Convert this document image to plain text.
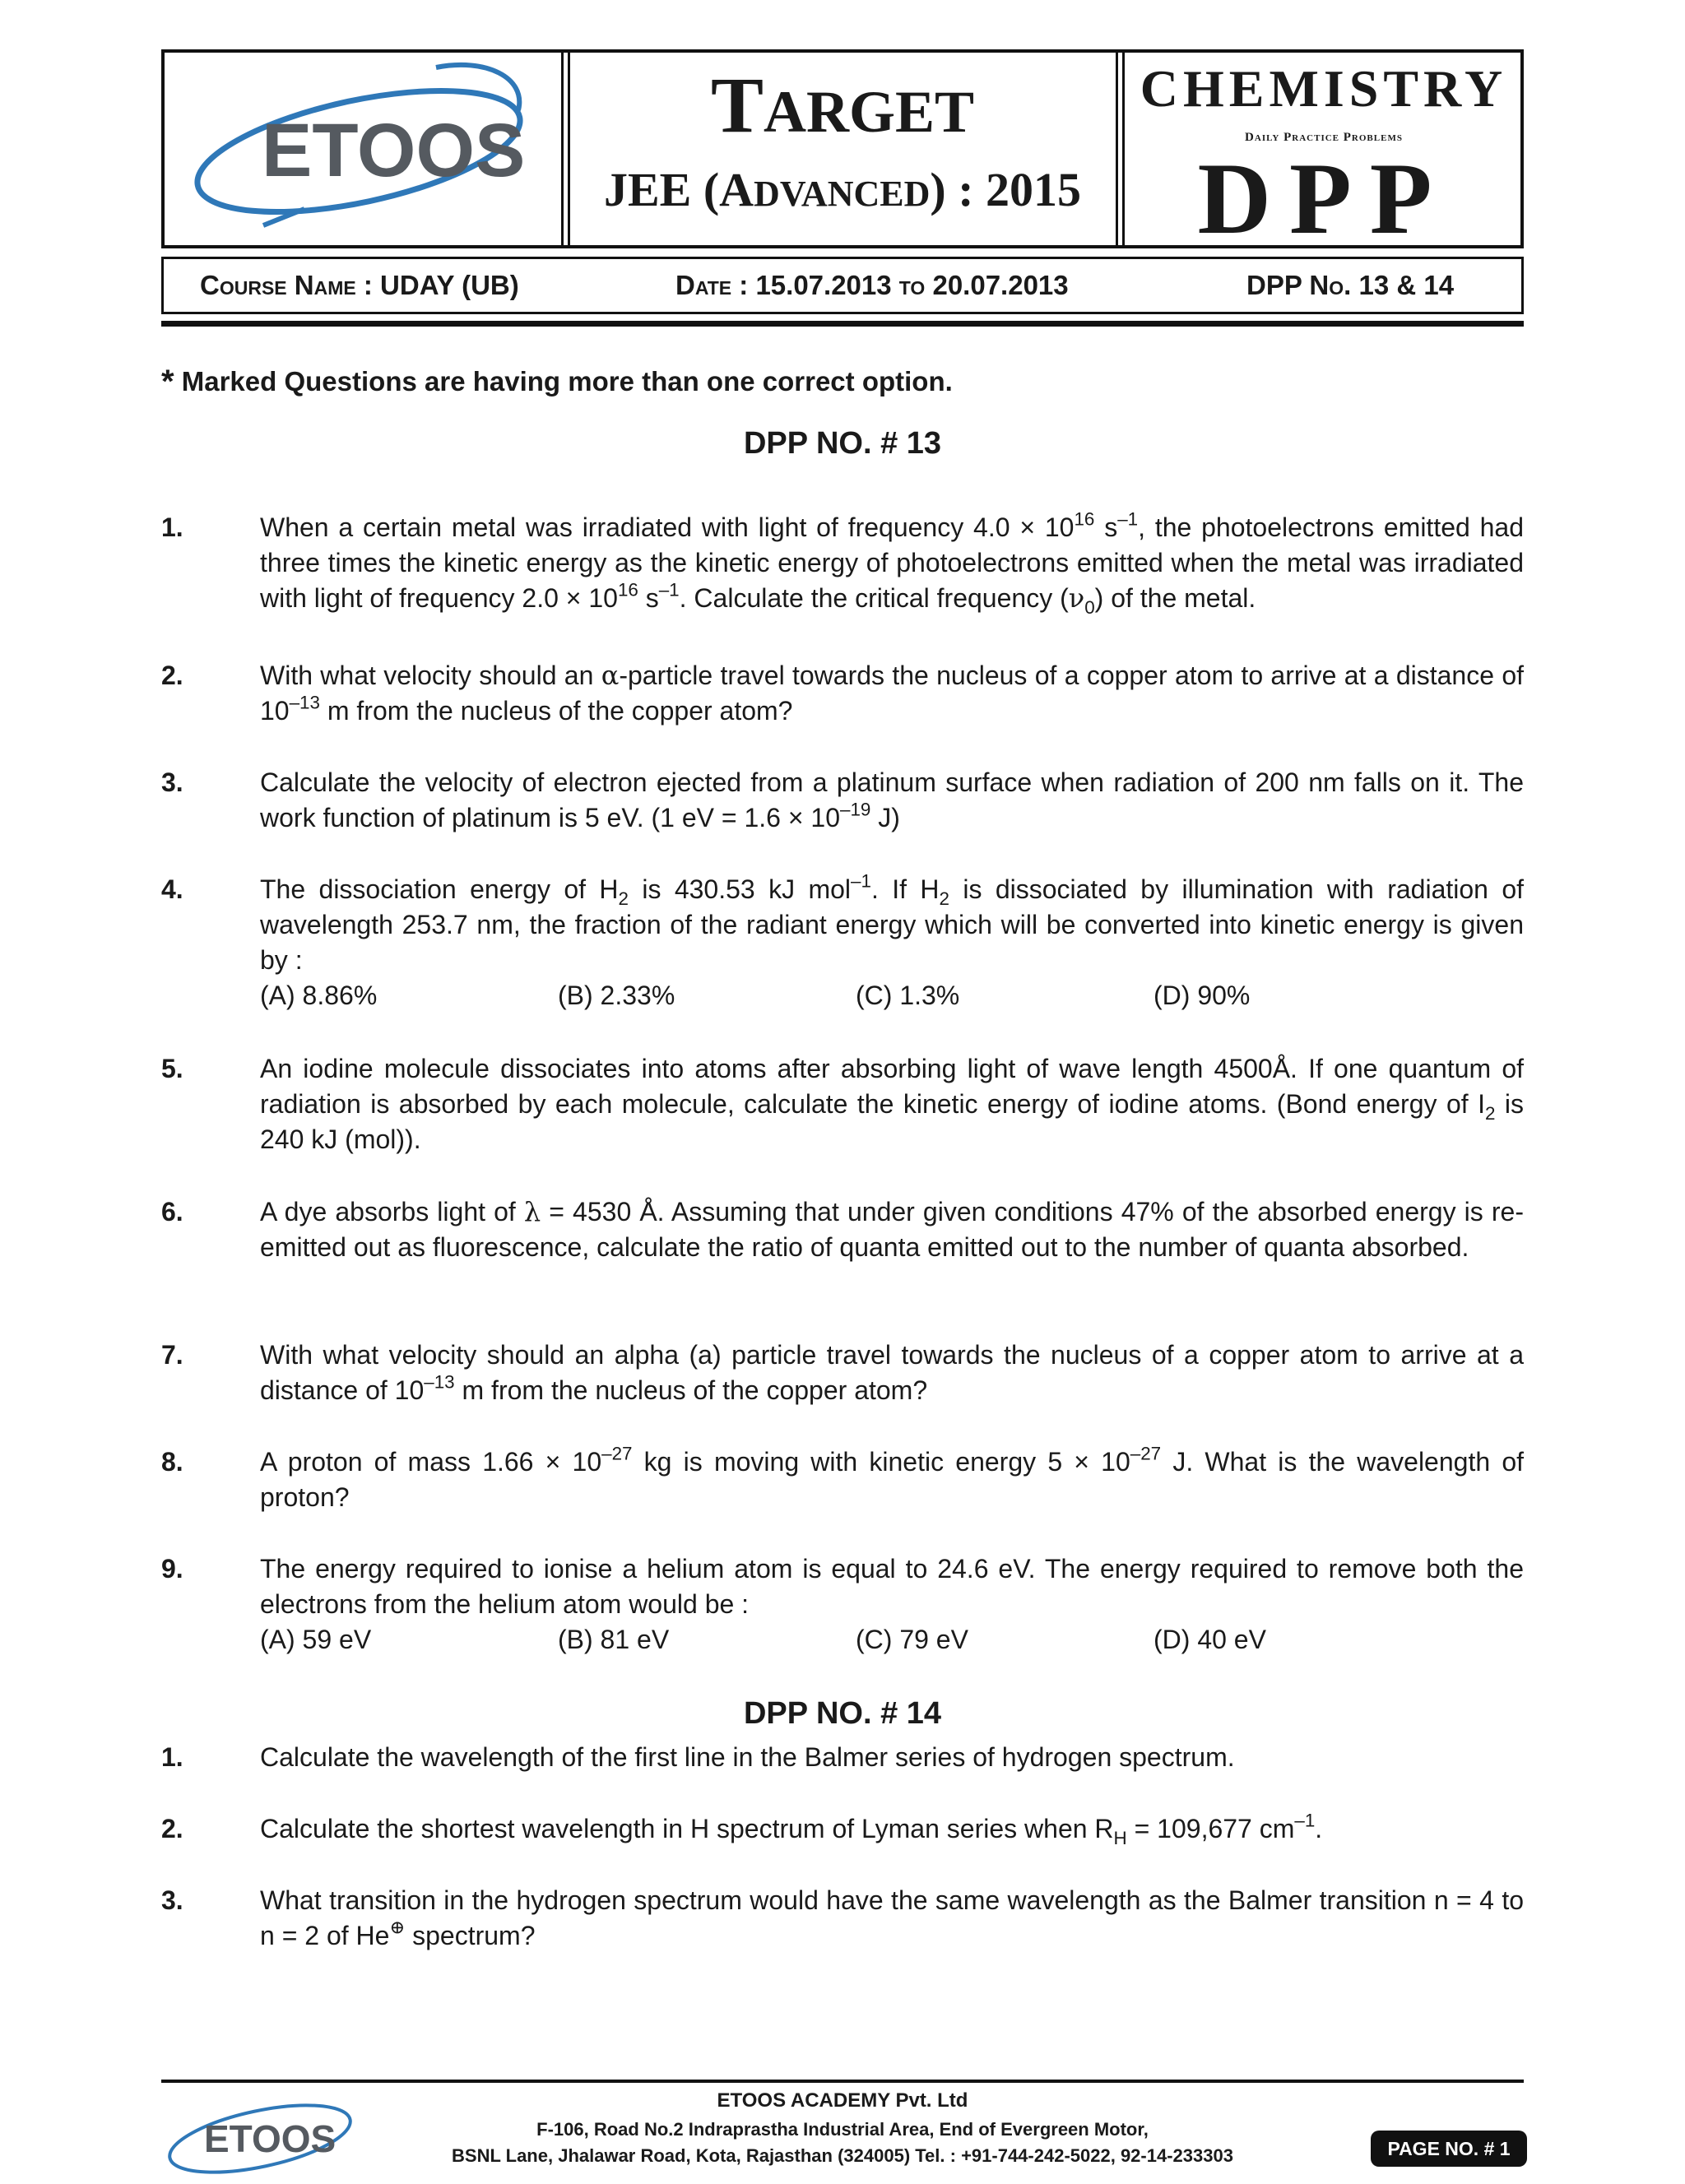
ETOOS
TARGET
JEE (ADVANCED) : 2015
CHEMISTRY
Daily Practice Problems
DPP
Course Name : UDAY (UB)	Date : 15.07.2013 to 20.07.2013	DPP No. 13 & 14
* Marked Questions are having more than one correct option.
DPP NO. # 13
1.	When a certain metal was irradiated with light of frequency $4.0 \times 10^{16}$ $s^{-1}$, the photoelectrons emitted had three times the kinetic energy as the kinetic energy of photoelectrons emitted when the metal was irradiated with light of frequency $2.0 \times 10^{16}$ $s^{-1}$. Calculate the critical frequency $(\nu_0)$ of the metal.
2.	With what velocity should an α-particle travel towards the nucleus of a copper atom to arrive at a distance of $10^{-13}$ m from the nucleus of the copper atom?
3.	Calculate the velocity of electron ejected from a platinum surface when radiation of 200 nm falls on it. The work function of platinum is 5 eV. (1 eV = $1.6 \times 10^{-19}$ J)
4.	The dissociation energy of $H_2$ is 430.53 kJ mol$^{-1}$. If $H_2$ is dissociated by illumination with radiation of wavelength 253.7 nm, the fraction of the radiant energy which will be converted into kinetic energy is given by :
(A) 8.86%	(B) 2.33%	(C) 1.3%	(D) 90%
5.	An iodine molecule dissociates into atoms after absorbing light of wave length 4500Å. If one quantum of radiation is absorbed by each molecule, calculate the kinetic energy of iodine atoms. (Bond energy of $I_2$ is 240 kJ (mol)).
6.	A dye absorbs light of λ = 4530 Å. Assuming that under given conditions 47% of the absorbed energy is re-emitted out as fluorescence, calculate the ratio of quanta emitted out to the number of quanta absorbed.
7.	With what velocity should an alpha (a) particle travel towards the nucleus of a copper atom to arrive at a distance of $10^{-13}$ m from the nucleus of the copper atom?
8.	A proton of mass $1.66 \times 10^{-27}$ kg is moving with kinetic energy $5 \times 10^{-27}$ J. What is the wavelength of proton?
9.	The energy required to ionise a helium atom is equal to 24.6 eV. The energy required to remove both the electrons from the helium atom would be :
(A) 59 eV	(B) 81 eV	(C) 79 eV	(D) 40 eV
DPP NO. # 14
1.	Calculate the wavelength of the first line in the Balmer series of hydrogen spectrum.
2.	Calculate the shortest wavelength in H spectrum of Lyman series when $R_H = 109,677$ $cm^{-1}$.
3.	What transition in the hydrogen spectrum would have the same wavelength as the Balmer transition n = 4 to n = 2 of He⊕ spectrum?
ETOOS
ETOOS ACADEMY Pvt. Ltd
F-106, Road No.2 Indraprastha Industrial Area, End of Evergreen Motor,
BSNL Lane, Jhalawar Road, Kota, Rajasthan (324005) Tel. : +91-744-242-5022, 92-14-233303	PAGE NO. # 1
